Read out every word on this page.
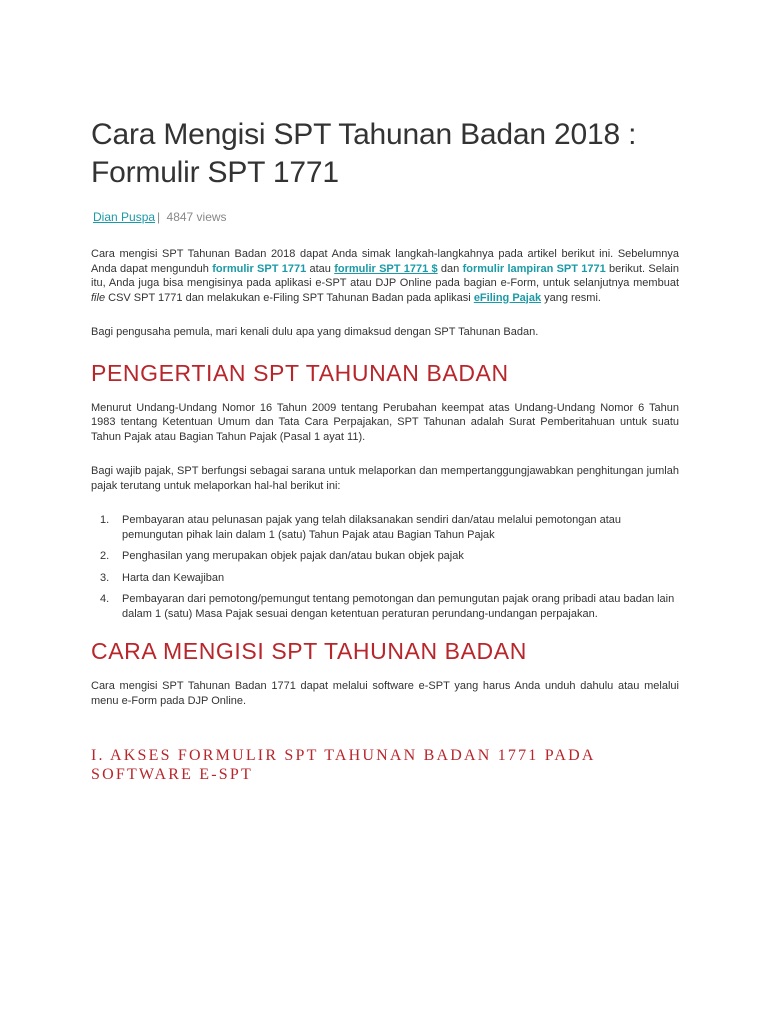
Cara Mengisi SPT Tahunan Badan 2018 :
Formulir SPT 1771
Dian Puspa | 4847 views

Cara mengisi SPT Tahunan Badan 2018 dapat Anda simak langkah-langkahnya pada artikel berikut ini. Sebelumnya Anda dapat mengunduh formulir SPT 1771 atau formulir SPT 1771 $ dan formulir lampiran SPT 1771 berikut. Selain itu, Anda juga bisa mengisinya pada aplikasi e-SPT atau DJP Online pada bagian e-Form, untuk selanjutnya membuat file CSV SPT 1771 dan melakukan e-Filing SPT Tahunan Badan pada aplikasi eFiling Pajak yang resmi.

Bagi pengusaha pemula, mari kenali dulu apa yang dimaksud dengan SPT Tahunan Badan.

PENGERTIAN SPT TAHUNAN BADAN

Menurut Undang-Undang Nomor 16 Tahun 2009 tentang Perubahan keempat atas Undang-Undang Nomor 6 Tahun 1983 tentang Ketentuan Umum dan Tata Cara Perpajakan, SPT Tahunan adalah Surat Pemberitahuan untuk suatu Tahun Pajak atau Bagian Tahun Pajak (Pasal 1 ayat 11).

Bagi wajib pajak, SPT berfungsi sebagai sarana untuk melaporkan dan mempertanggungjawabkan penghitungan jumlah pajak terutang untuk melaporkan hal-hal berikut ini:

1. Pembayaran atau pelunasan pajak yang telah dilaksanakan sendiri dan/atau melalui pemotongan atau pemungutan pihak lain dalam 1 (satu) Tahun Pajak atau Bagian Tahun Pajak
2. Penghasilan yang merupakan objek pajak dan/atau bukan objek pajak
3. Harta dan Kewajiban
4. Pembayaran dari pemotong/pemungut tentang pemotongan dan pemungutan pajak orang pribadi atau badan lain dalam 1 (satu) Masa Pajak sesuai dengan ketentuan peraturan perundang-undangan perpajakan.
CARA MENGISI SPT TAHUNAN BADAN

Cara mengisi SPT Tahunan Badan 1771 dapat melalui software e-SPT yang harus Anda unduh dahulu atau melalui menu e-Form pada DJP Online.

I. AKSES FORMULIR SPT TAHUNAN BADAN 1771 PADA
SOFTWARE E-SPT
